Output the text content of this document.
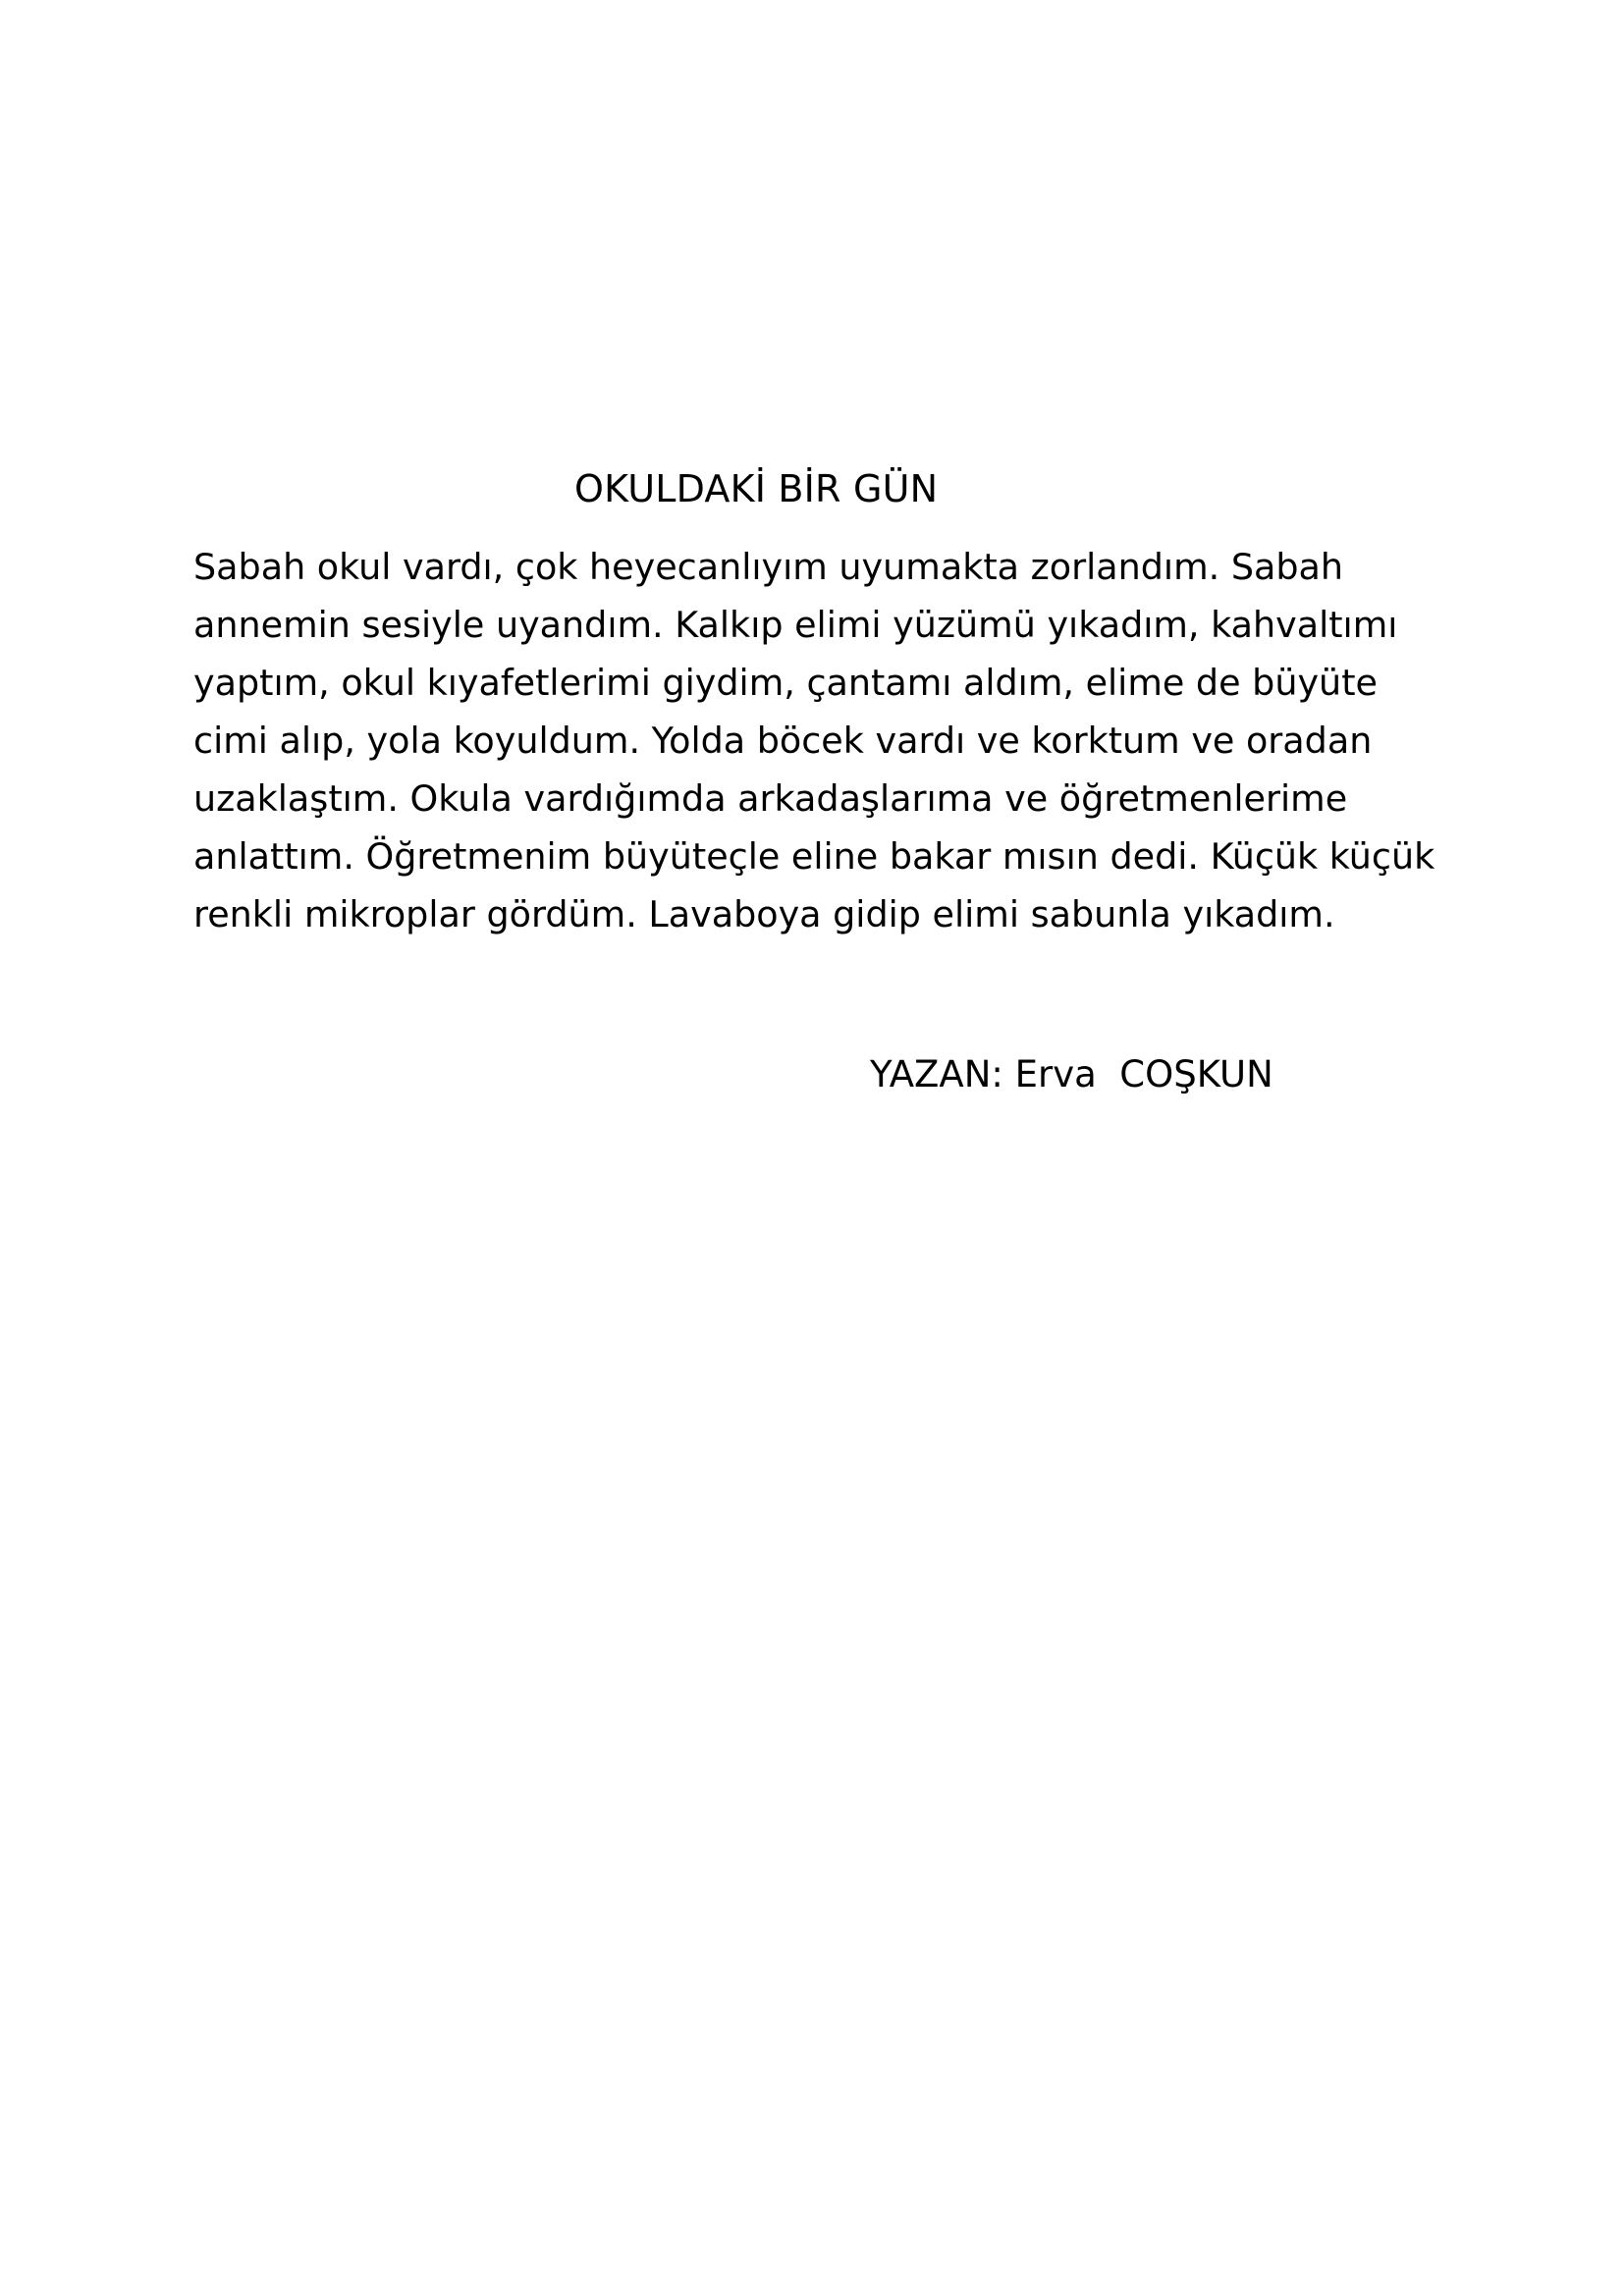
OKULDAKİ BİR GÜN
Sabah okul vardı, çok heyecanlıyım uyumakta zorlandım. Sabah
annemin sesiyle uyandım. Kalkıp elimi yüzümü yıkadım, kahvaltımı
yaptım, okul kıyafetlerimi giydim, çantamı aldım, elime de büyüte
cimi alıp, yola koyuldum. Yolda böcek vardı ve korktum ve oradan
uzaklaştım. Okula vardığımda arkadaşlarıma ve öğretmenlerime
anlattım. Öğretmenim büyüteçle eline bakar mısın dedi. Küçük küçük
renkli mikroplar gördüm. Lavaboya gidip elimi sabunla yıkadım.
YAZAN: Erva  COŞKUN
